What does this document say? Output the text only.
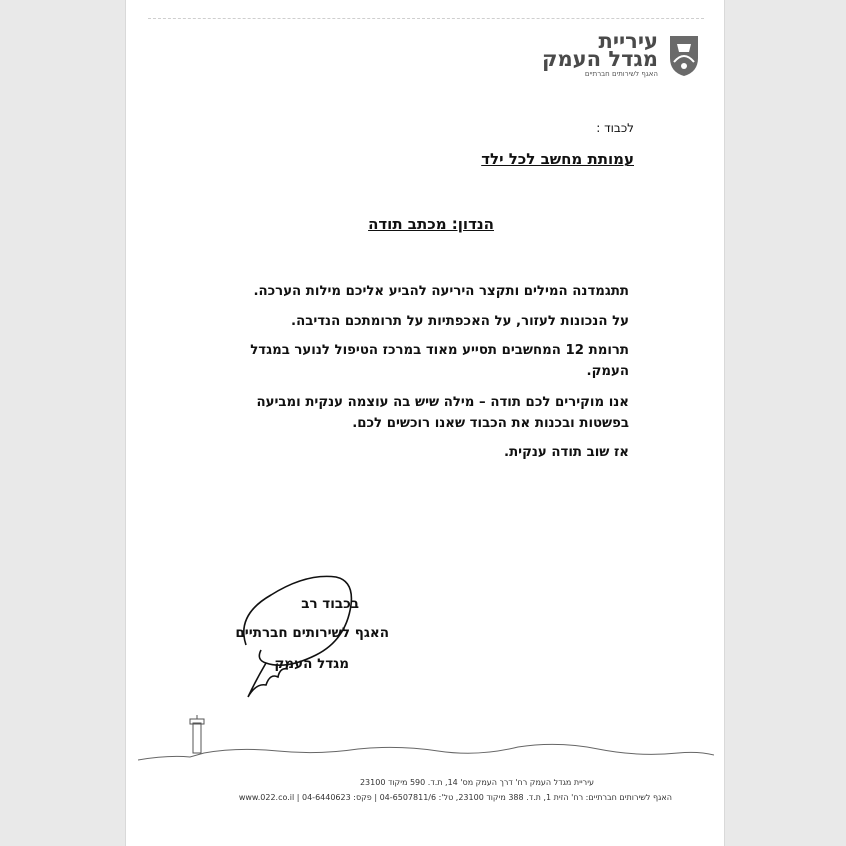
עיריית
מגדל העמק
האגף לשירותים חברתיים
לכבוד :
עמותת מחשב לכל ילד
הנדון: מכתב תודה
תתגמדנה המילים ותקצר היריעה להביע אליכם מילות הערכה.
על הנכונות לעזור, על האכפתיות על תרומתכם הנדיבה.
תרומת 12 המחשבים תסייע מאוד במרכז הטיפול לנוער במגדל
העמק.
אנו מוקירים לכם תודה – מילה שיש בה עוצמה ענקית ומביעה
בפשטות ובכנות את הכבוד שאנו רוכשים לכם.
אז שוב תודה ענקית.
בכבוד רב
האגף לשירותים חברתיים
מגדל העמק
עיריית מגדל העמק רח' דרך העמק מס' 14, ת.ד. 590 מיקוד 23100
האגף לשירותים חברתיים: רח' הזית 1, ת.ד. 388 מיקוד 23100, טל': 04-6507811/6 | פקס: 04-6440623 | www.022.co.il
